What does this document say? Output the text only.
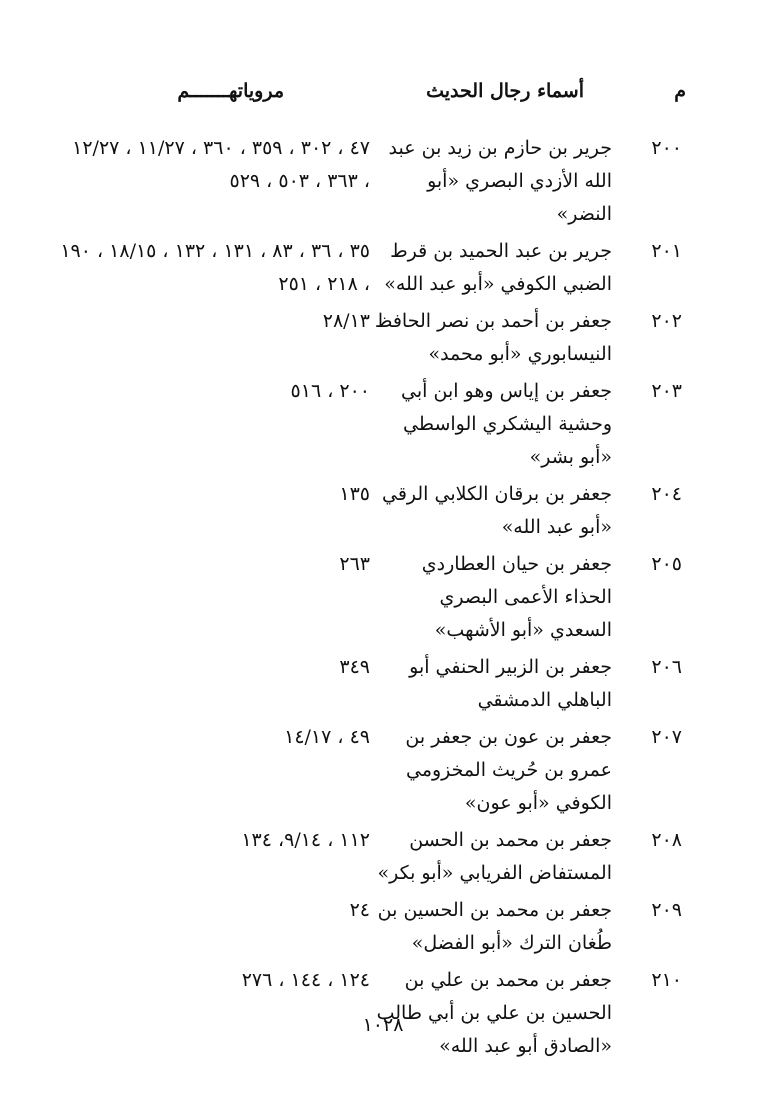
م
أسماء رجال الحديث
مروياتهـــــــم
٢٠٠
جرير بن حازم بن زيد بن عبد الله الأزدي البصري «أبو النضر»
٤٧ ، ٣٠٢ ، ٣٥٩ ، ٣٦٠ ، ١١/٢٧ ، ١٢/٢٧ ، ٣٦٣ ، ٥٠٣ ، ٥٢٩
٢٠١
جرير بن عبد الحميد بن قرط الضبي الكوفي «أبو عبد الله»
٣٥ ، ٣٦ ، ٨٣ ، ١٣١ ، ١٣٢ ، ١٨/١٥ ، ١٩٠ ، ٢١٨ ، ٢٥١
٢٠٢
جعفر بن أحمد بن نصر الحافظ النيسابوري «أبو محمد»
٢٨/١٣
٢٠٣
جعفر بن إياس وهو ابن أبي وحشية اليشكري الواسطي «أبو بشر»
٢٠٠ ، ٥١٦
٢٠٤
جعفر بن برقان الكلابي الرقي «أبو عبد الله»
١٣٥
٢٠٥
جعفر بن حيان العطاردي الحذاء الأعمى البصري السعدي «أبو الأشهب»
٢٦٣
٢٠٦
جعفر بن الزبير الحنفي أبو الباهلي الدمشقي
٣٤٩
٢٠٧
جعفر بن عون بن جعفر بن عمرو بن حُريث المخزومي الكوفي «أبو عون»
٤٩ ، ١٤/١٧
٢٠٨
جعفر بن محمد بن الحسن المستفاض الفريابي «أبو بكر»
١١٢ ، ٩/١٤، ١٣٤
٢٠٩
جعفر بن محمد بن الحسين بن طُغان الترك «أبو الفضل»
٢٤
٢١٠
جعفر بن محمد بن علي بن الحسين بن علي بن أبي طالب «الصادق أبو عبد الله»
١٢٤ ، ١٤٤ ، ٢٧٦
١٠٢٨
